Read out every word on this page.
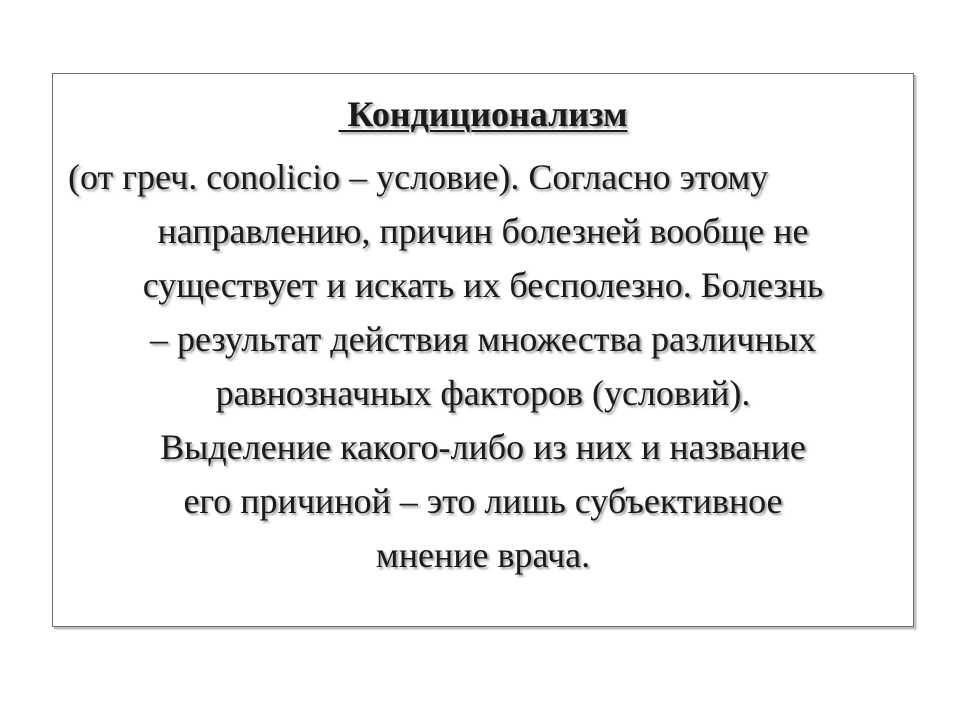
Кондиционализм
(от греч. conolicio – условие). Согласно этому
направлению, причин болезней вообще не
существует и искать их бесполезно. Болезнь
– результат действия множества различных
равнозначных факторов (условий).
Выделение какого-либо из них и название
его причиной – это лишь субъективное
мнение врача.
